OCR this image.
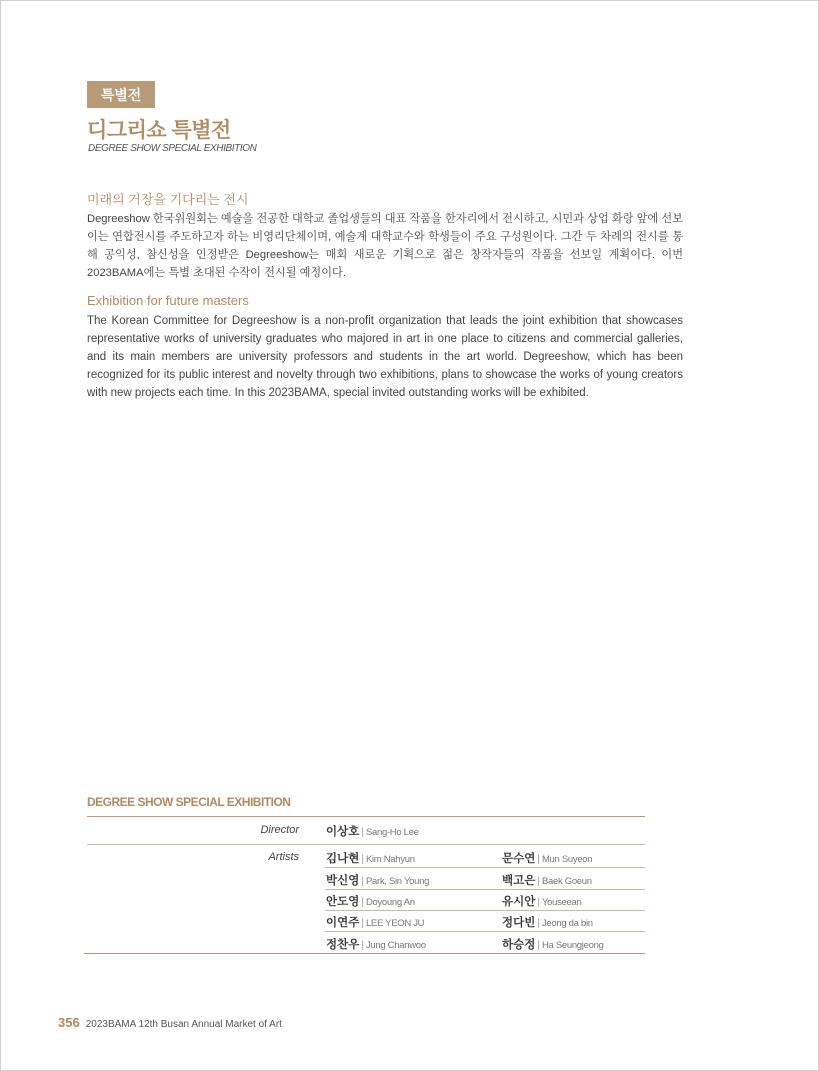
특별전
디그리쇼 특별전
DEGREE SHOW SPECIAL EXHIBITION
미래의 거장을 기다리는 전시
Degreeshow 한국위원회는 예술을 전공한 대학교 졸업생들의 대표 작품을 한자리에서 전시하고, 시민과 상업 화랑 앞에 선보이는 연합전시를 주도하고자 하는 비영리단체이며, 예술계 대학교수와 학생들이 주요 구성원이다. 그간 두 차례의 전시를 통해 공익성, 참신성을 인정받은 Degreeshow는 매회 새로운 기획으로 젊은 창작자들의 작품을 선보일 계획이다. 이번 2023BAMA에는 특별 초대된 수작이 전시될 예정이다.
Exhibition for future masters
The Korean Committee for Degreeshow is a non-profit organization that leads the joint exhibition that showcases representative works of university graduates who majored in art in one place to citizens and commercial galleries, and its main members are university professors and students in the art world. Degreeshow, which has been recognized for its public interest and novelty through two exhibitions, plans to showcase the works of young creators with new projects each time. In this 2023BAMA, special invited outstanding works will be exhibited.
DEGREE SHOW SPECIAL EXHIBITION
Director 이상호 | Sang-Ho Lee
Artists 김나현 | Kim Nahyun	문수연 | Mun Suyeon
박신영 | Park, Sin Young	백고은 | Baek Goeun
안도영 | Doyoung An	유시안 | Youseean
이연주 | LEE YEON JU	정다빈 | Jeong da bin
정찬우 | Jung Chanwoo	하승정 | Ha Seungjeong
356 2023BAMA 12th Busan Annual Market of Art
